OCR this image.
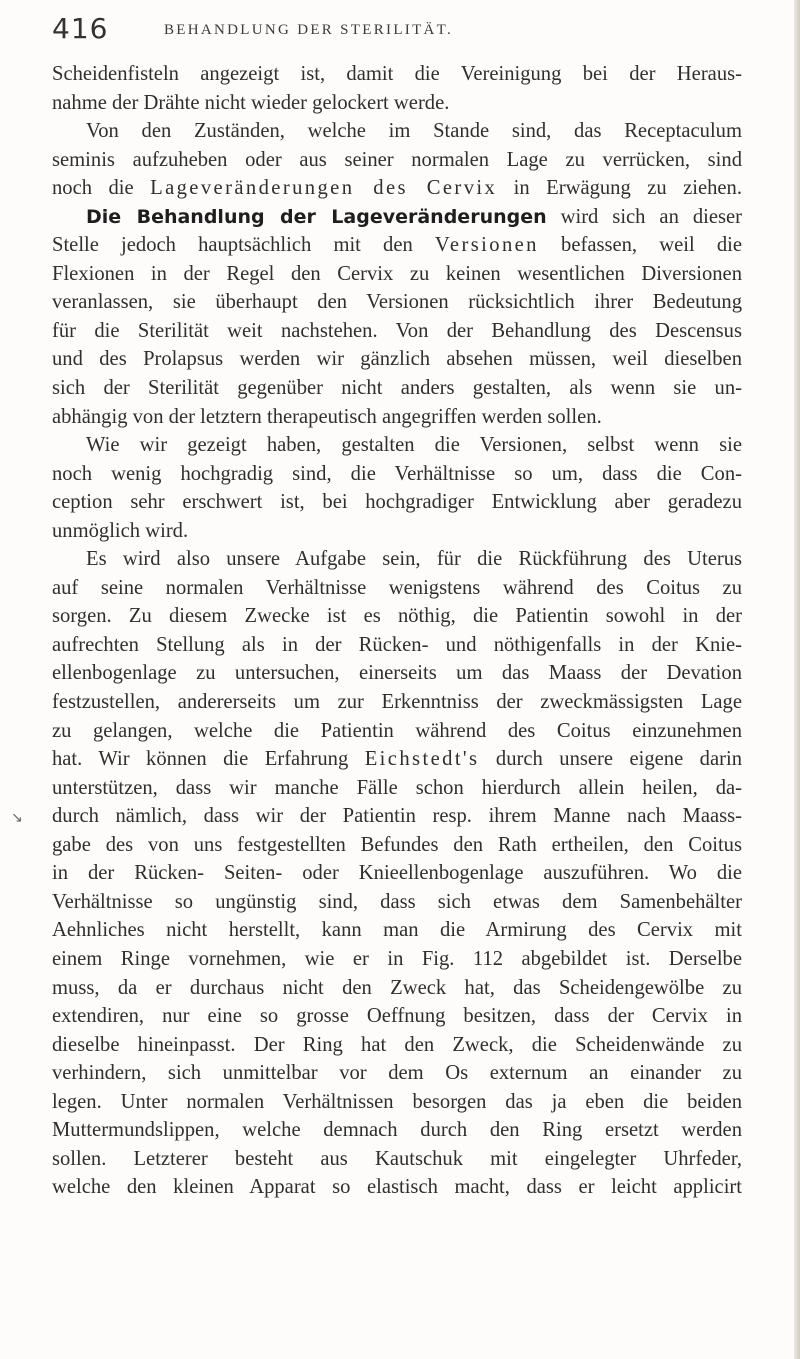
416	BEHANDLUNG DER STERILITÄT.
Scheidenfisteln angezeigt ist, damit die Vereinigung bei der Heraus-
nahme der Drähte nicht wieder gelockert werde.
Von den Zuständen, welche im Stande sind, das Receptaculum
seminis aufzuheben oder aus seiner normalen Lage zu verrücken, sind
noch die Lageveränderungen des Cervix in Erwägung zu ziehen.
Die Behandlung der Lageveränderungen wird sich an dieser
Stelle jedoch hauptsächlich mit den Versionen befassen, weil die
Flexionen in der Regel den Cervix zu keinen wesentlichen Diversionen
veranlassen, sie überhaupt den Versionen rücksichtlich ihrer Bedeutung
für die Sterilität weit nachstehen. Von der Behandlung des Descensus
und des Prolapsus werden wir gänzlich absehen müssen, weil dieselben
sich der Sterilität gegenüber nicht anders gestalten, als wenn sie un-
abhängig von der letztern therapeutisch angegriffen werden sollen.
Wie wir gezeigt haben, gestalten die Versionen, selbst wenn sie
noch wenig hochgradig sind, die Verhältnisse so um, dass die Con-
ception sehr erschwert ist, bei hochgradiger Entwicklung aber geradezu
unmöglich wird.
Es wird also unsere Aufgabe sein, für die Rückführung des Uterus
auf seine normalen Verhältnisse wenigstens während des Coitus zu
sorgen. Zu diesem Zwecke ist es nöthig, die Patientin sowohl in der
aufrechten Stellung als in der Rücken- und nöthigenfalls in der Knie-
ellenbogenlage zu untersuchen, einerseits um das Maass der Devation
festzustellen, andererseits um zur Erkenntniss der zweckmässigsten Lage
zu gelangen, welche die Patientin während des Coitus einzunehmen
hat. Wir können die Erfahrung Eichstedt's durch unsere eigene darin
unterstützen, dass wir manche Fälle schon hierdurch allein heilen, da-
durch nämlich, dass wir der Patientin resp. ihrem Manne nach Maass-
gabe des von uns festgestellten Befundes den Rath ertheilen, den Coitus
in der Rücken- Seiten- oder Knieellenbogenlage auszuführen. Wo die
Verhältnisse so ungünstig sind, dass sich etwas dem Samenbehälter
Aehnliches nicht herstellt, kann man die Armirung des Cervix mit
einem Ringe vornehmen, wie er in Fig. 112 abgebildet ist. Derselbe
muss, da er durchaus nicht den Zweck hat, das Scheidengewölbe zu
extendiren, nur eine so grosse Oeffnung besitzen, dass der Cervix in
dieselbe hineinpasst. Der Ring hat den Zweck, die Scheidenwände zu
verhindern, sich unmittelbar vor dem Os externum an einander zu
legen. Unter normalen Verhältnissen besorgen das ja eben die beiden
Muttermundslippen, welche demnach durch den Ring ersetzt werden
sollen. Letzterer besteht aus Kautschuk mit eingelegter Uhrfeder,
welche den kleinen Apparat so elastisch macht, dass er leicht applicirt
↘
